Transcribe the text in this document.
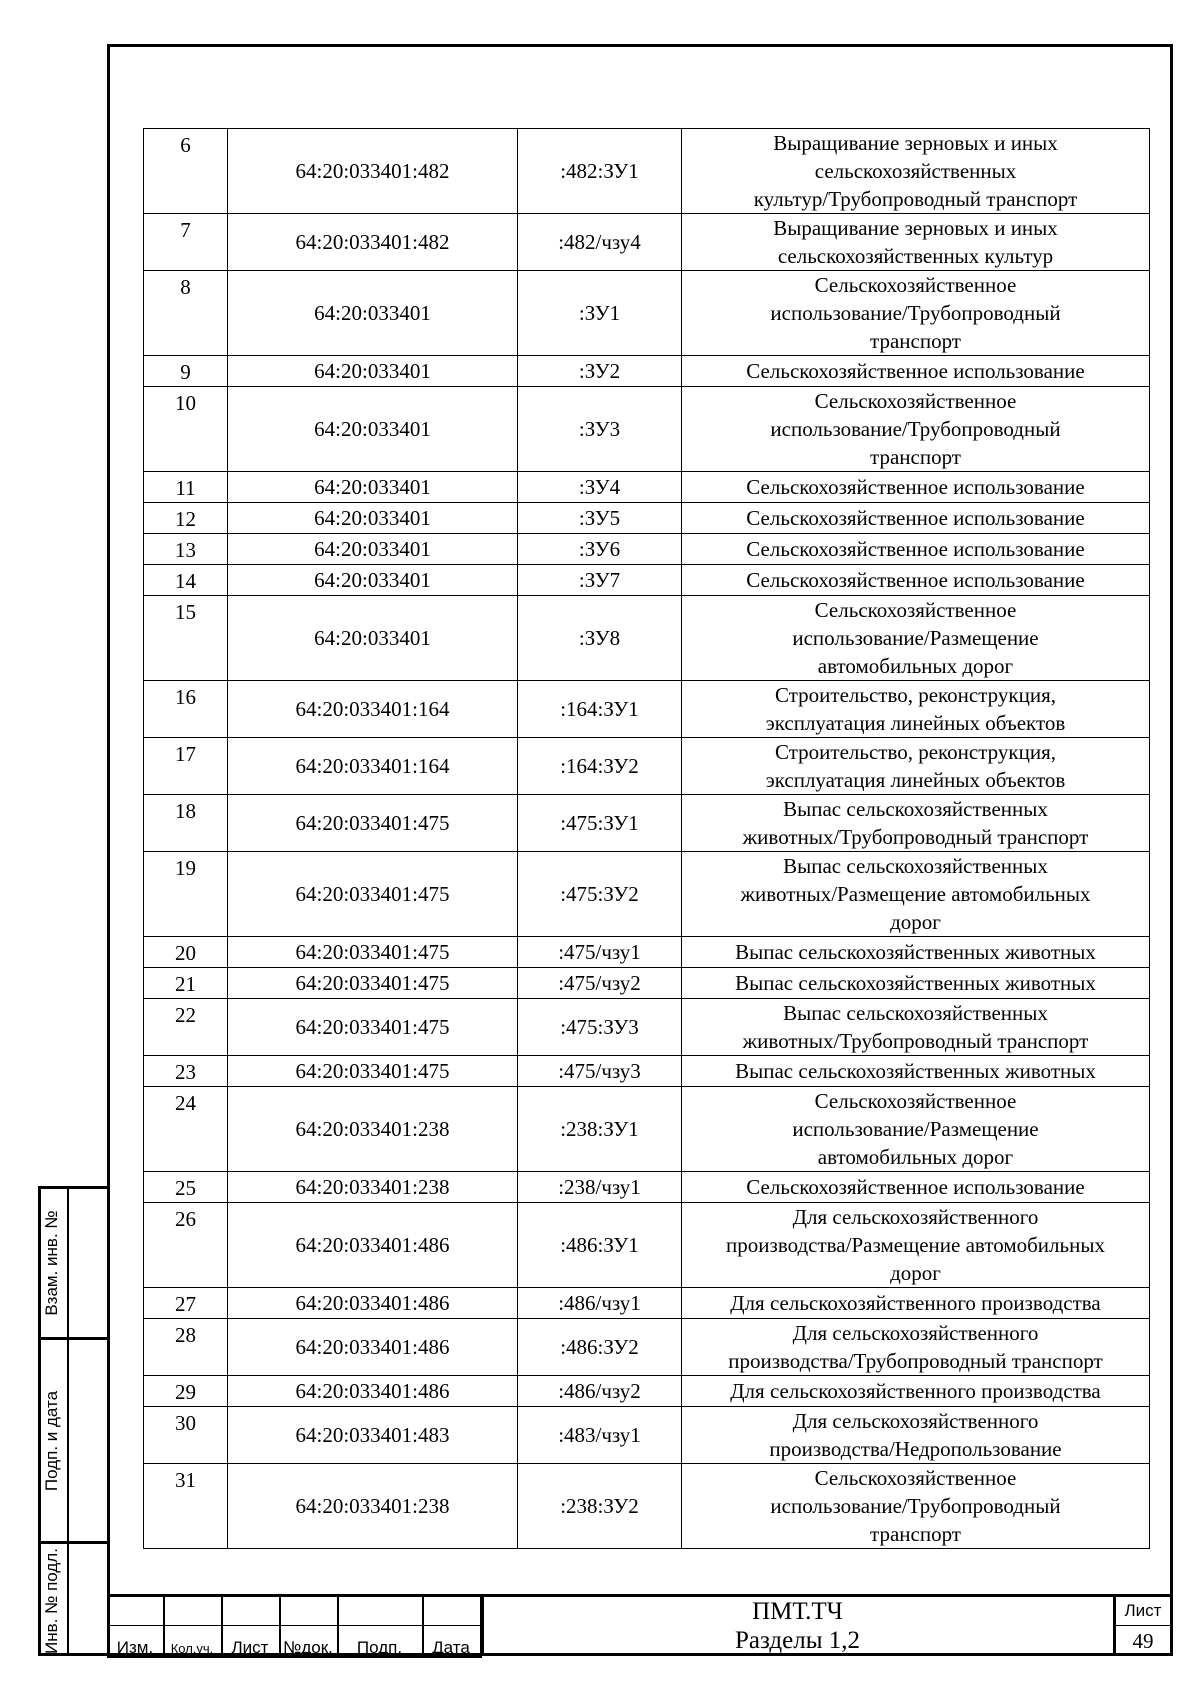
Взам. инв. №
Подп. и дата
Инв. № подл.
6	64:20:033401:482	:482:ЗУ1	Выращивание зерновых и иных
сельскохозяйственных
культур/Трубопроводный транспорт

7	64:20:033401:482	:482/чзу4	Выращивание зерновых и иных
сельскохозяйственных культур

8	64:20:033401	:ЗУ1	Сельскохозяйственное
использование/Трубопроводный
транспорт

9	64:20:033401	:ЗУ2	Сельскохозяйственное использование

10	64:20:033401	:ЗУ3	Сельскохозяйственное
использование/Трубопроводный
транспорт

11	64:20:033401	:ЗУ4	Сельскохозяйственное использование

12	64:20:033401	:ЗУ5	Сельскохозяйственное использование

13	64:20:033401	:ЗУ6	Сельскохозяйственное использование

14	64:20:033401	:ЗУ7	Сельскохозяйственное использование

15	64:20:033401	:ЗУ8	Сельскохозяйственное
использование/Размещение
автомобильных дорог

16	64:20:033401:164	:164:ЗУ1	Строительство, реконструкция,
эксплуатация линейных объектов

17	64:20:033401:164	:164:ЗУ2	Строительство, реконструкция,
эксплуатация линейных объектов

18	64:20:033401:475	:475:ЗУ1	Выпас сельскохозяйственных
животных/Трубопроводный транспорт

19	64:20:033401:475	:475:ЗУ2	Выпас сельскохозяйственных
животных/Размещение автомобильных
дорог

20	64:20:033401:475	:475/чзу1	Выпас сельскохозяйственных животных

21	64:20:033401:475	:475/чзу2	Выпас сельскохозяйственных животных

22	64:20:033401:475	:475:ЗУ3	Выпас сельскохозяйственных
животных/Трубопроводный транспорт

23	64:20:033401:475	:475/чзу3	Выпас сельскохозяйственных животных

24	64:20:033401:238	:238:ЗУ1	Сельскохозяйственное
использование/Размещение
автомобильных дорог

25	64:20:033401:238	:238/чзу1	Сельскохозяйственное использование

26	64:20:033401:486	:486:ЗУ1	Для сельскохозяйственного
производства/Размещение автомобильных
дорог

27	64:20:033401:486	:486/чзу1	Для сельскохозяйственного производства

28	64:20:033401:486	:486:ЗУ2	Для сельскохозяйственного
производства/Трубопроводный транспорт

29	64:20:033401:486	:486/чзу2	Для сельскохозяйственного производства

30	64:20:033401:483	:483/чзу1	Для сельскохозяйственного
производства/Недропользование

31	64:20:033401:238	:238:ЗУ2	Сельскохозяйственное
использование/Трубопроводный
транспорт
Изм.	Кол.уч.	Лист №док.	Подп.	Дата
ПМТ.ТЧ
Разделы 1,2
Лист
49
